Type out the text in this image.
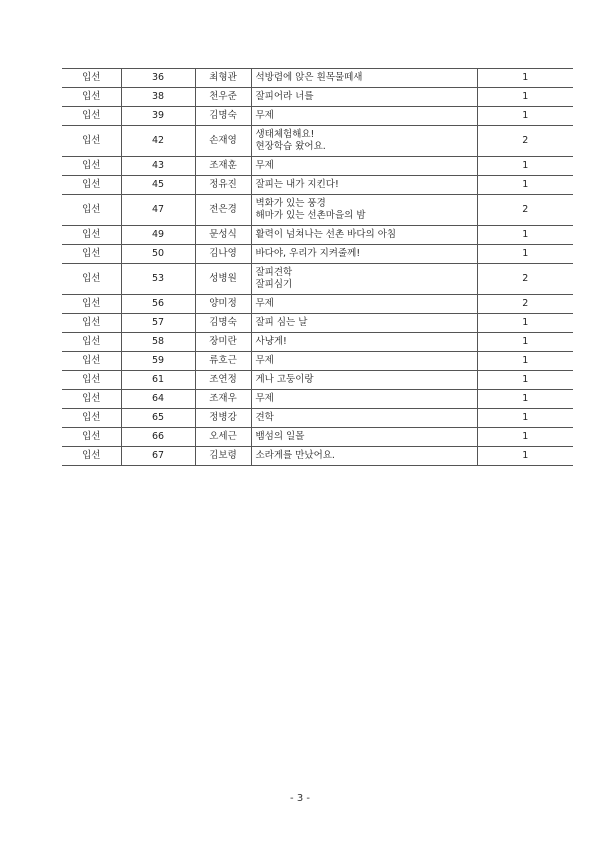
입선	36	최형관	석방렴에 앉은 흰목물떼새	1
입선	38	천우준	잘피어라 너를	1
입선	39	김명숙	무제	1
입선	42	손재영	생태체험해요!
현장학습 왔어요.	2
입선	43	조재훈	무제	1
입선	45	정유진	잘피는 내가 지킨다!	1
입선	47	전은경	벽화가 있는 풍경
해마가 있는 선촌마을의 밤	2
입선	49	문성식	활력이 넘쳐나는 선촌 바다의 아침	1
입선	50	김나영	바다야, 우리가 지켜줄께!	1
입선	53	성병원	잘피견학
잘피심기	2
입선	56	양미정	무제	2
입선	57	김명숙	잘피 심는 날	1
입선	58	장미란	사냥게!	1
입선	59	류호근	무제	1
입선	61	조연정	게나 고둥이랑	1
입선	64	조재우	무제	1
입선	65	정병강	견학	1
입선	66	오세근	뱀섬의 일몰	1
입선	67	김보령	소라게를 만났어요.	1
- 3 -
